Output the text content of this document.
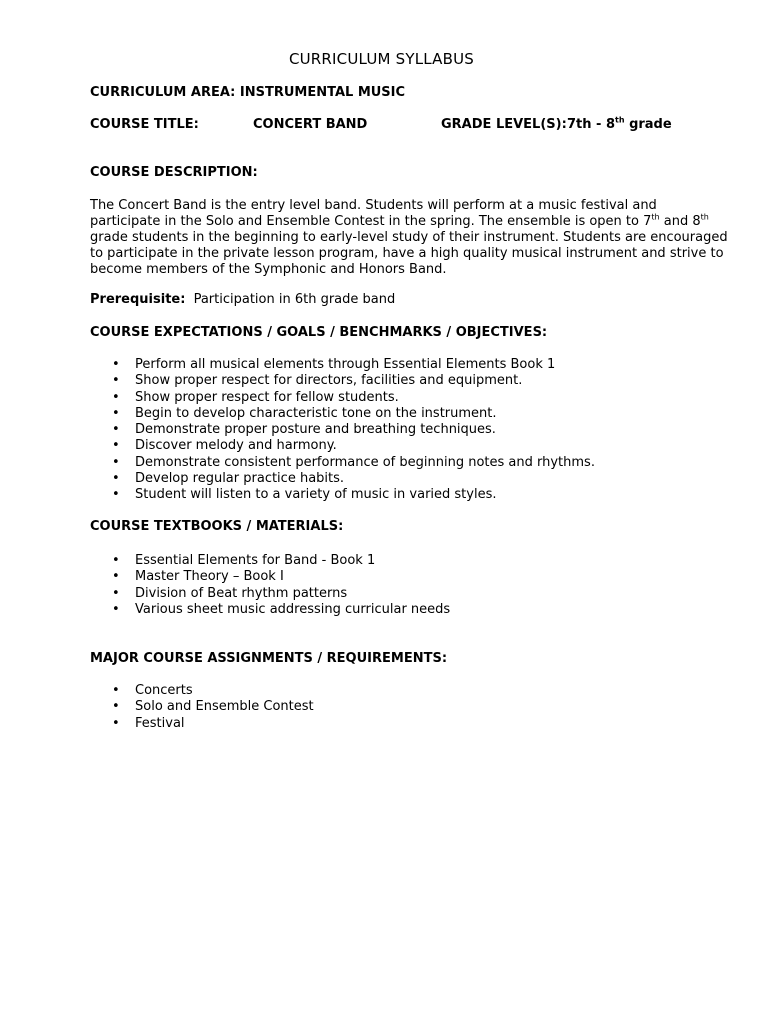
CURRICULUM SYLLABUS
CURRICULUM AREA: INSTRUMENTAL MUSIC
COURSE TITLE:	CONCERT BAND	GRADE LEVEL(S): 7th - 8th grade
COURSE DESCRIPTION:
The Concert Band is the entry level band. Students will perform at a music festival and
participate in the Solo and Ensemble Contest in the spring. The ensemble is open to 7th and 8th
grade students in the beginning to early-level study of their instrument. Students are encouraged
to participate in the private lesson program, have a high quality musical instrument and strive to
become members of the Symphonic and Honors Band.
Prerequisite: Participation in 6th grade band
COURSE EXPECTATIONS / GOALS / BENCHMARKS / OBJECTIVES:
• Perform all musical elements through Essential Elements Book 1
• Show proper respect for directors, facilities and equipment.
• Show proper respect for fellow students.
• Begin to develop characteristic tone on the instrument.
• Demonstrate proper posture and breathing techniques.
• Discover melody and harmony.
• Demonstrate consistent performance of beginning notes and rhythms.
• Develop regular practice habits.
• Student will listen to a variety of music in varied styles.
COURSE TEXTBOOKS / MATERIALS:
• Essential Elements for Band - Book 1
• Master Theory – Book I
• Division of Beat rhythm patterns
• Various sheet music addressing curricular needs
MAJOR COURSE ASSIGNMENTS / REQUIREMENTS:
• Concerts
• Solo and Ensemble Contest
• Festival
